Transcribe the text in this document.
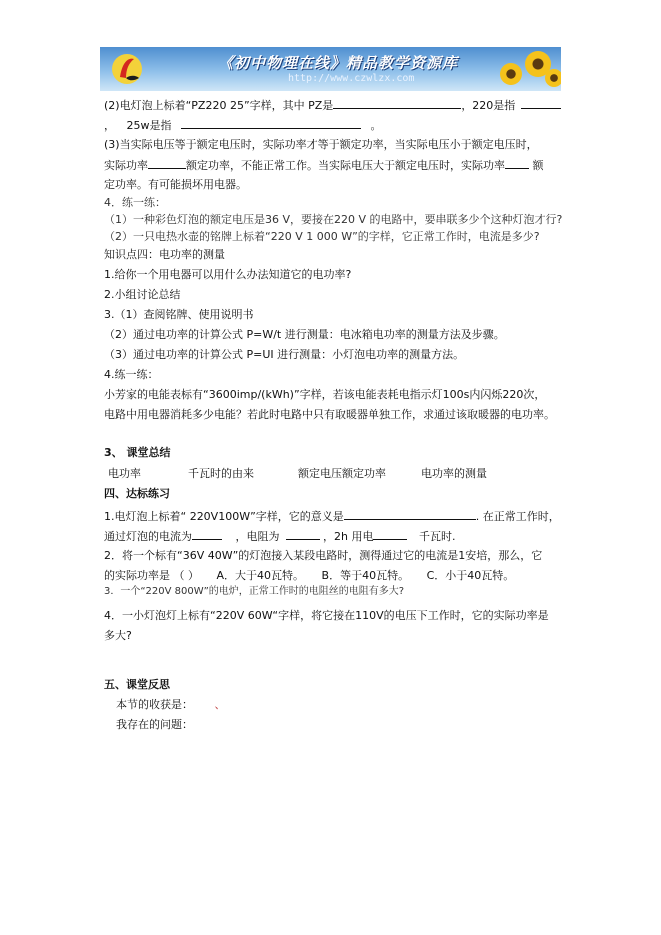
《初中物理在线》精品教学资源库
http://www.czwlzx.com
(2)电灯泡上标着“PZ220 25”字样，其中 PZ是	，220是指
， 25w是指	。
(3)当实际电压等于额定电压时，实际功率才等于额定功率，当实际电压小于额定电压时，
实际功率	额定功率，不能正常工作。当实际电压大于额定电压时，实际功率	额
定功率。有可能损坏用电器。
4．练一练：
（1）一种彩色灯泡的额定电压是36 V，要接在220 V 的电路中，要串联多少个这种灯泡才行?
（2）一只电热水壶的铭牌上标着“220 V 1 000 W”的字样，它正常工作时，电流是多少?
知识点四：电功率的测量
1.给你一个用电器可以用什么办法知道它的电功率?
2.小组讨论总结
3.（1）查阅铭牌、使用说明书
（2）通过电功率的计算公式 P=W/t 进行测量：电冰箱电功率的测量方法及步骤。
（3）通过电功率的计算公式 P=UI 进行测量：小灯泡电功率的测量方法。
4.练一练：
小芳家的电能表标有“3600imp/(kWh)”字样，若该电能表耗电指示灯100s内闪烁220次，
电路中用电器消耗多少电能？若此时电路中只有取暖器单独工作，求通过该取暖器的电功率。
3、 课堂总结
电功率	千瓦时的由来	额定电压额定功率	电功率的测量
四、达标练习
1.电灯泡上标着“ 220V100W”字样，它的意义是	. 在正常工作时，
通过灯泡的电流为	，电阻为	，2h 用电	千瓦时.
2．将一个标有“36V 40W”的灯泡接入某段电路时，测得通过它的电流是1安培，那么，它
的实际功率是 （ ） A．大于40瓦特。 B．等于40瓦特。 C．小于40瓦特。
3．一个“220V 800W”的电炉，正常工作时的电阻丝的电阻有多大?
4．一小灯泡灯上标有“220V 60W“字样，将它接在110V的电压下工作时，它的实际功率是
多大?
五、课堂反思
本节的收获是： 、
我存在的问题：
